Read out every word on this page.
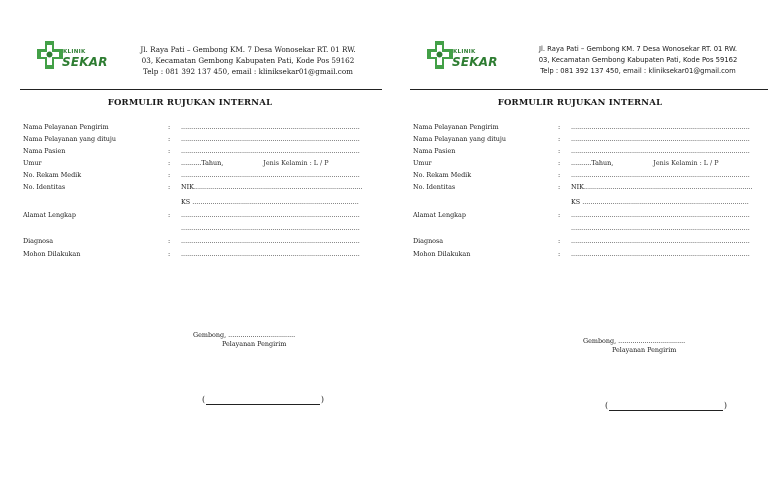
KLINIK
SEKAR
Jl. Raya Pati – Gembong KM. 7 Desa Wonosekar RT. 01 RW.
03, Kecamatan Gembong Kabupaten Pati, Kode Pos 59162
Telp : 081 392 137 450, email : kliniksekar01@gmail.com
FORMULIR RUJUKAN INTERNAL
Nama Pelayanan Pengirim	: ........................................................................................
Nama Pelayanan yang dituju	: ........................................................................................
Nama Pasien	: ........................................................................................
Umur	: ..........Tahun,	Jenis Kelamin : L / P
No. Rekam Medik	: ........................................................................................
No. Identitas	: NIK...................................................................................
KS ..................................................................................
Alamat Lengkap	: ........................................................................................
........................................................................................
Diagnosa	: ........................................................................................
Mohon Dilakukan	: ........................................................................................
Gembong, .................................
Pelayanan Pengirim
(	)
KLINIK
SEKAR
Jl. Raya Pati – Gembong KM. 7 Desa Wonosekar RT. 01 RW.
03, Kecamatan Gembong Kabupaten Pati, Kode Pos 59162
Telp : 081 392 137 450, email : kliniksekar01@gmail.com
FORMULIR RUJUKAN INTERNAL
Nama Pelayanan Pengirim	: ........................................................................................
Nama Pelayanan yang dituju	: ........................................................................................
Nama Pasien	: ........................................................................................
Umur	: ..........Tahun,	Jenis Kelamin : L / P
No. Rekam Medik	: ........................................................................................
No. Identitas	: NIK...................................................................................
KS ..................................................................................
Alamat Lengkap	: ........................................................................................
........................................................................................
Diagnosa	: ........................................................................................
Mohon Dilakukan	: ........................................................................................
Gembong, .................................
Pelayanan Pengirim
(	)
